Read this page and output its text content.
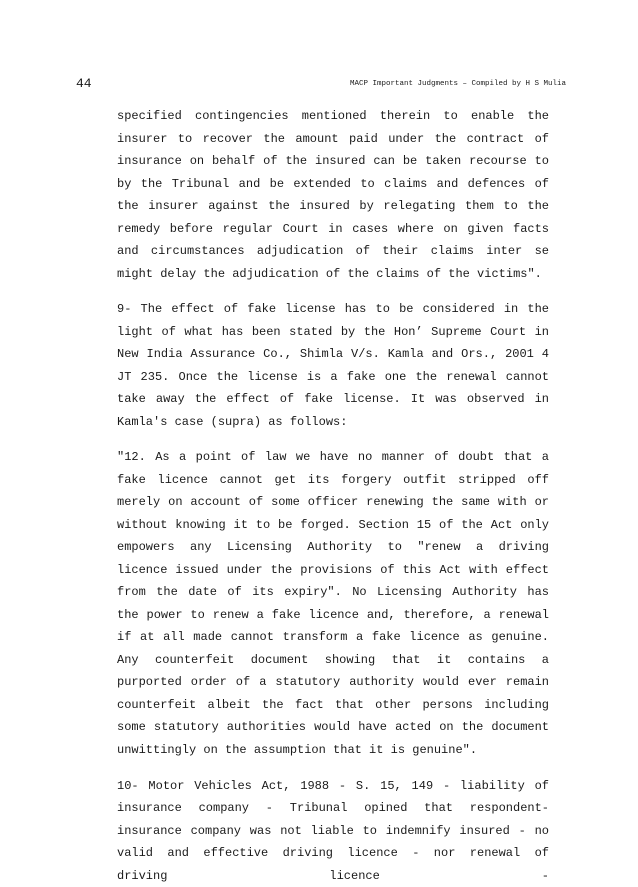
44	MACP Important Judgments – Compiled by H S Mulia

specified contingencies mentioned therein to enable the insurer to recover the amount paid under the contract of insurance on behalf of the insured can be taken recourse to by the Tribunal and be extended to claims and defences of the insurer against the insured by relegating them to the remedy before regular Court in cases where on given facts and circumstances adjudication of their claims inter se might delay the adjudication of the claims of the victims".

9- The effect of fake license has to be considered in the light of what has been stated by the Hon’ Supreme Court in New India Assurance Co., Shimla V/s. Kamla and Ors., 2001 4 JT 235. Once the license is a fake one the renewal cannot take away the effect of fake license. It was observed in Kamla's case (supra) as follows:

"12. As a point of law we have no manner of doubt that a fake licence cannot get its forgery outfit stripped off merely on account of some officer renewing the same with or without knowing it to be forged. Section 15 of the Act only empowers any Licensing Authority to "renew a driving licence issued under the provisions of this Act with effect from the date of its expiry". No Licensing Authority has the power to renew a fake licence and, therefore, a renewal if at all made cannot transform a fake licence as genuine. Any counterfeit document showing that it contains a purported order of a statutory authority would ever remain counterfeit albeit the fact that other persons including some statutory authorities would have acted on the document unwittingly on the assumption that it is genuine".

10- Motor Vehicles Act, 1988 - S. 15, 149 - liability of insurance company - Tribunal opined that respondent-insurance company was not liable to indemnify insured - no valid and effective driving licence - nor renewal of driving licence -
